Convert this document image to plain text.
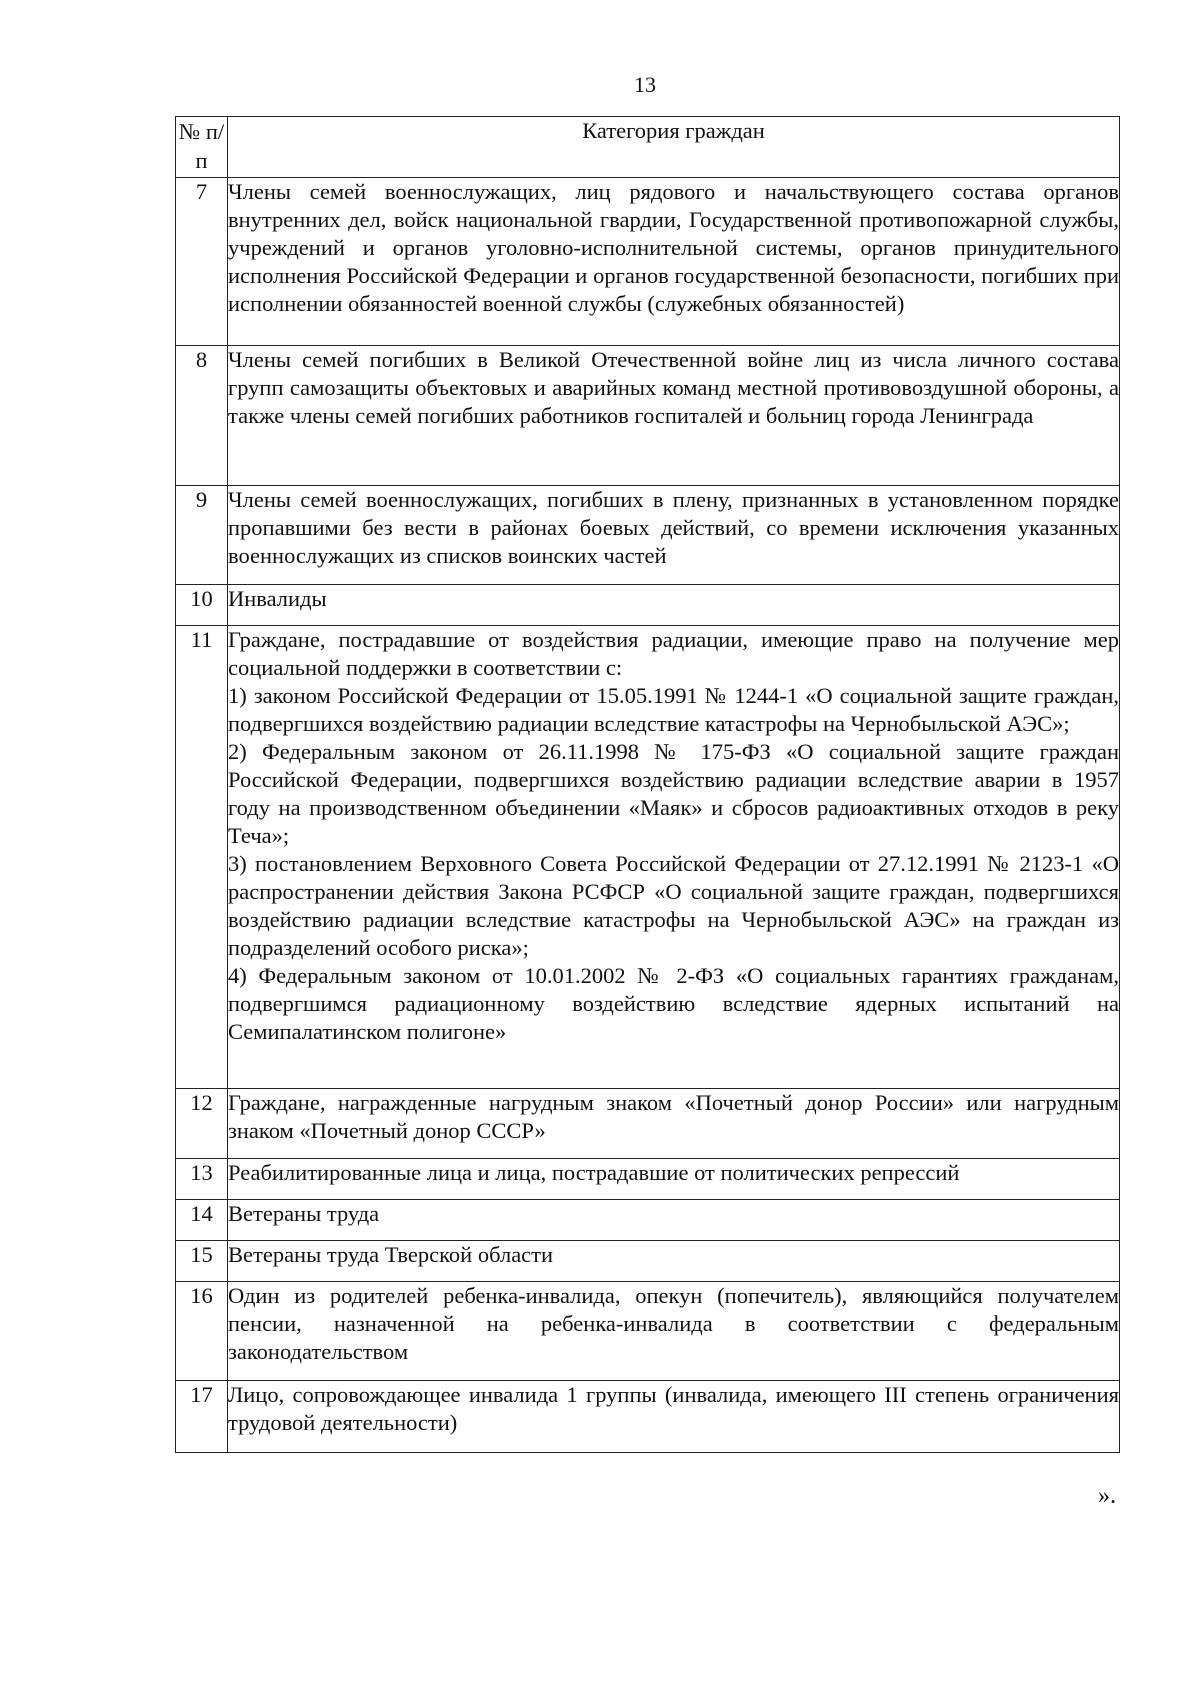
13
№ п/п	Категория граждан
7	Члены семей военнослужащих, лиц рядового и начальствующего состава органов внутренних дел, войск национальной гвардии, Государственной противопожарной службы, учреждений и органов уголовно-исполнительной системы, органов принудительного исполнения Российской Федерации и органов государственной безопасности, погибших при исполнении обязанностей военной службы (служебных обязанностей)

8	Члены семей погибших в Великой Отечественной войне лиц из числа личного состава групп самозащиты объектовых и аварийных команд местной противовоздушной обороны, а также члены семей погибших работников госпиталей и больниц города Ленинграда

9	Члены семей военнослужащих, погибших в плену, признанных в установленном порядке пропавшими без вести в районах боевых действий, со времени исключения указанных военнослужащих из списков воинских частей

10	Инвалиды

11	Граждане, пострадавшие от воздействия радиации, имеющие право на получение мер социальной поддержки в соответствии с:

1) законом Российской Федерации от 15.05.1991 № 1244-1 «О социальной защите граждан, подвергшихся воздействию радиации вследствие катастрофы на Чернобыльской АЭС»;

2) Федеральным законом от 26.11.1998 № 175-ФЗ «О социальной защите граждан Российской Федерации, подвергшихся воздействию радиации вследствие аварии в 1957 году на производственном объединении «Маяк» и сбросов радиоактивных отходов в реку Теча»;

3) постановлением Верховного Совета Российской Федерации от 27.12.1991 № 2123-1 «О распространении действия Закона РСФСР «О социальной защите граждан, подвергшихся воздействию радиации вследствие катастрофы на Чернобыльской АЭС» на граждан из подразделений особого риска»;

4) Федеральным законом от 10.01.2002 № 2-ФЗ «О социальных гарантиях гражданам, подвергшимся радиационному воздействию вследствие ядерных испытаний на Семипалатинском полигоне»

12	Граждане, награжденные нагрудным знаком «Почетный донор России» или нагрудным знаком «Почетный донор СССР»

13	Реабилитированные лица и лица, пострадавшие от политических репрессий

14	Ветераны труда

15	Ветераны труда Тверской области

16	Один из родителей ребенка-инвалида, опекун (попечитель), являющийся получателем пенсии, назначенной на ребенка-инвалида в соответствии с федеральным законодательством

17	Лицо, сопровождающее инвалида 1 группы (инвалида, имеющего III степень ограничения трудовой деятельности)

».
